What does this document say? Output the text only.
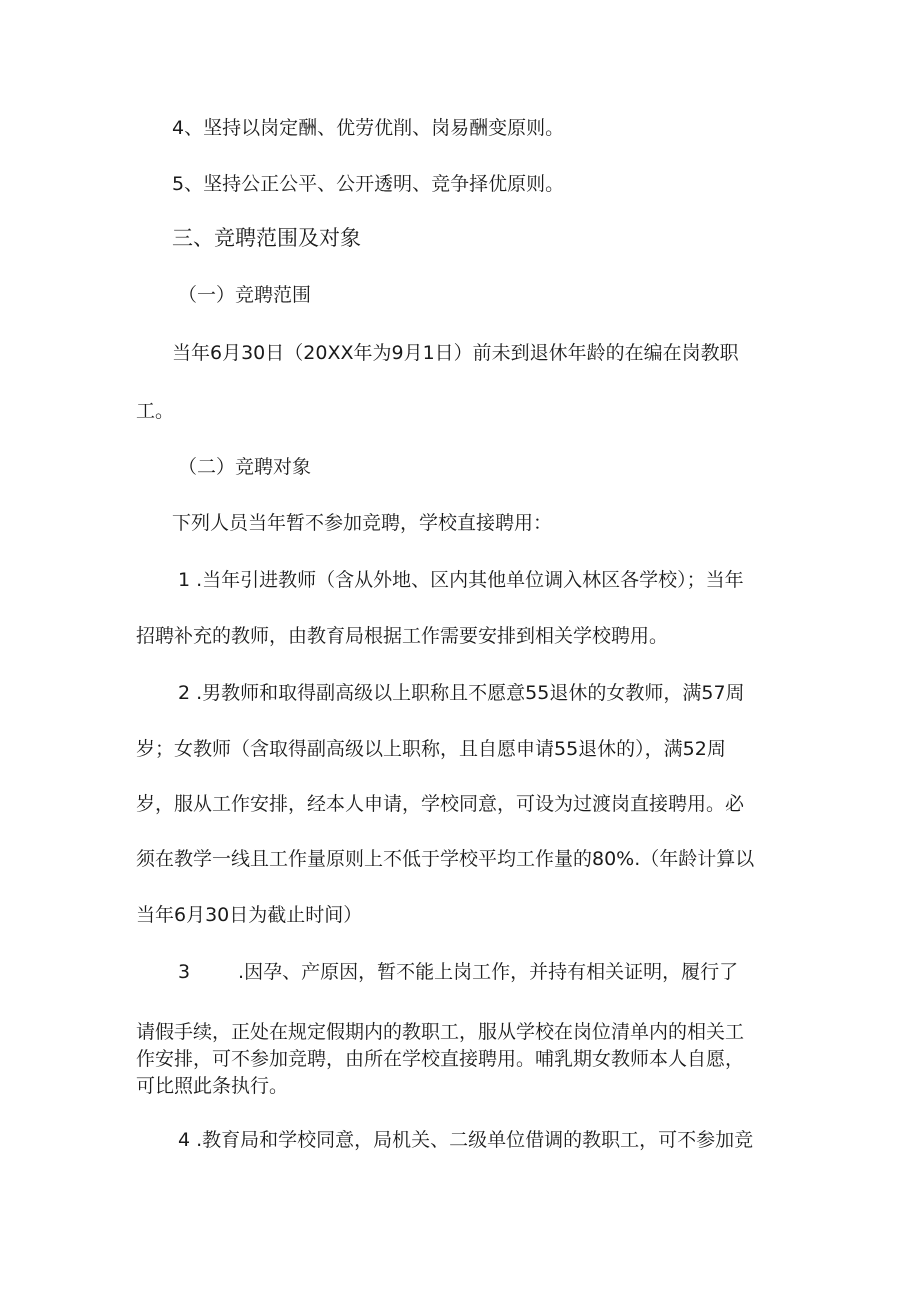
4、坚持以岗定酬、优劳优削、岗易酬变原则。
5、坚持公正公平、公开透明、竞争择优原则。
三、竞聘范围及对象
（一）竞聘范围
当年6月30日（20XX年为9月1日）前未到退休年龄的在编在岗教职
工。
（二）竞聘对象
下列人员当年暂不参加竞聘，学校直接聘用：
1 .当年引进教师（含从外地、区内其他单位调入林区各学校）；当年
招聘补充的教师，由教育局根据工作需要安排到相关学校聘用。
2 .男教师和取得副高级以上职称且不愿意55退休的女教师，满57周
岁；女教师（含取得副高级以上职称，且自愿申请55退休的），满52周
岁，服从工作安排，经本人申请，学校同意，可设为过渡岗直接聘用。必
须在教学一线且工作量原则上不低于学校平均工作量的80%.（年龄计算以
当年6月30日为截止时间）
3	.因孕、产原因，暂不能上岗工作，并持有相关证明，履行了
请假手续，正处在规定假期内的教职工，服从学校在岗位清单内的相关工
作安排，可不参加竞聘，由所在学校直接聘用。哺乳期女教师本人自愿，
可比照此条执行。
4 .教育局和学校同意，局机关、二级单位借调的教职工，可不参加竞
